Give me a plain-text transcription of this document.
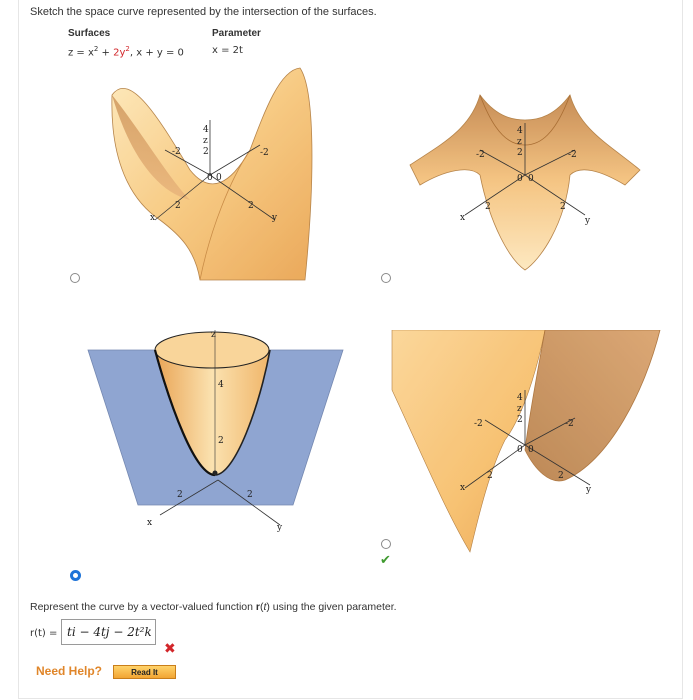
Sketch the space curve represented by the intersection of the surfaces.
Surfaces	Parameter
$z = x^2 + 2y^2$, x + y = 0	x = 2t
4
z
2	-2
2
x
0 0
2
-2
y
4
z
2
-2	-2
0 0
2
x
2
y
z
4
2
2	2
x	y
4
z
2
-2	-2
0 0
2
x
2
y
✔
Represent the curve by a vector-valued function r(t) using the given parameter.
r(t) = ti − 4tj − 2t²k
✖
Need Help?	Read It
